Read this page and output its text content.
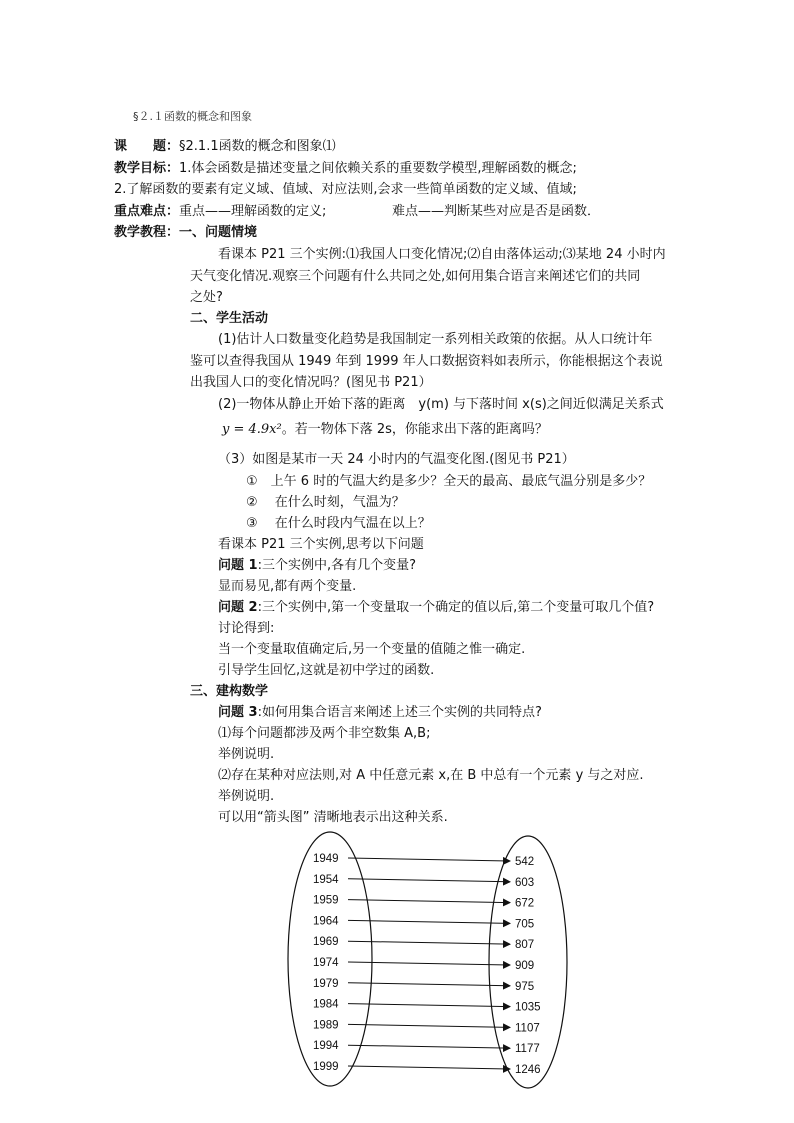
§２.１函数的概念和图象
课　　题：§2.1.1函数的概念和图象⑴
教学目标：1.体会函数是描述变量之间依赖关系的重要数学模型,理解函数的概念;
2.了解函数的要素有定义域、值域、对应法则,会求一些简单函数的定义域、值域;
重点难点：重点——理解函数的定义;	难点——判断某些对应是否是函数．
教学教程：一、问题情境
看课本 P21 三个实例:⑴我国人口变化情况;⑵自由落体运动;⑶某地 24 小时内
天气变化情况.观察三个问题有什么共同之处,如何用集合语言来阐述它们的共同
之处?
二、学生活动
(1)估计人口数量变化趋势是我国制定一系列相关政策的依据。从人口统计年
鉴可以查得我国从 1949 年到 1999 年人口数据资料如表所示，你能根据这个表说
出我国人口的变化情况吗？(图见书 P21）
(2)一物体从静止开始下落的距离　y(m) 与下落时间 x(s)之间近似满足关系式
y = 4.9x²。若一物体下落 2s，你能求出下落的距离吗？
（3）如图是某市一天 24 小时内的气温变化图.(图见书 P21）
①　上午 6 时的气温大约是多少？全天的最高、最底气温分别是多少？
②　 在什么时刻，气温为？
③　 在什么时段内气温在以上？
看课本 P21 三个实例,思考以下问题
问题 1:三个实例中,各有几个变量?
显而易见,都有两个变量.
问题 2:三个实例中,第一个变量取一个确定的值以后,第二个变量可取几个值?
讨论得到:
当一个变量取值确定后,另一个变量的值随之惟一确定.
引导学生回忆,这就是初中学过的函数.
三、建构数学
问题 3:如何用集合语言来阐述上述三个实例的共同特点?
⑴每个问题都涉及两个非空数集 A,B;
举例说明.
⑵存在某种对应法则,对 A 中任意元素 x,在 B 中总有一个元素 y 与之对应.
举例说明.
可以用“箭头图” 清晰地表示出这种关系.
1949
1954
1959
1964
1969
1974
1979
1984
1989
1994
1999
542
603
672
705
807
909
975
1035
1107
1177
1246
